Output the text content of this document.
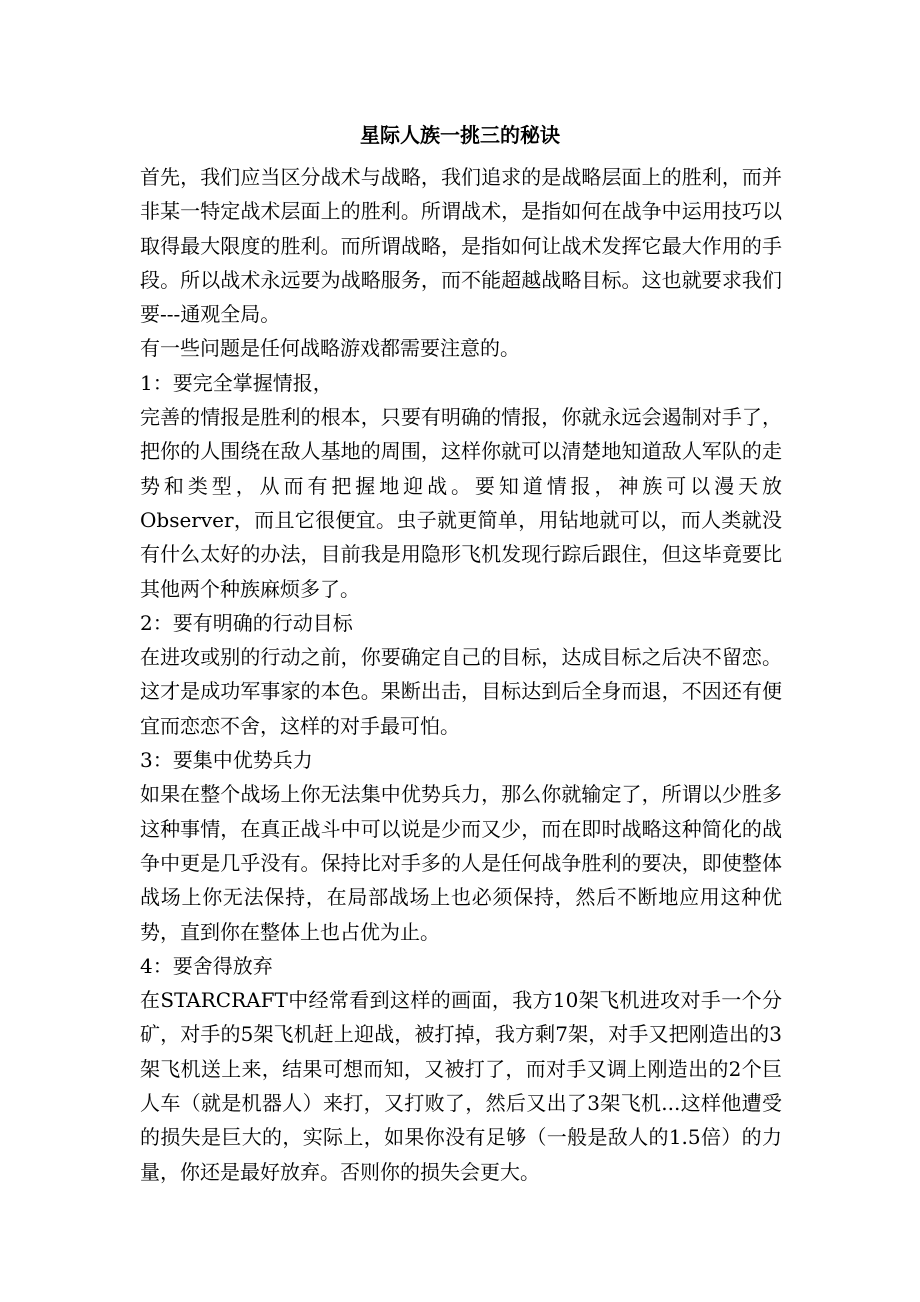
星际人族一挑三的秘诀

首先，我们应当区分战术与战略，我们追求的是战略层面上的胜利，而并非某一特定战术层面上的胜利。所谓战术，是指如何在战争中运用技巧以取得最大限度的胜利。而所谓战略，是指如何让战术发挥它最大作用的手段。所以战术永远要为战略服务，而不能超越战略目标。这也就要求我们要---通观全局。

有一些问题是任何战略游戏都需要注意的。

1：要完全掌握情报，

完善的情报是胜利的根本，只要有明确的情报，你就永远会遏制对手了，把你的人围绕在敌人基地的周围，这样你就可以清楚地知道敌人军队的走势和类型，从而有把握地迎战。要知道情报，神族可以漫天放Observer，而且它很便宜。虫子就更简单，用钻地就可以，而人类就没有什么太好的办法，目前我是用隐形飞机发现行踪后跟住，但这毕竟要比其他两个种族麻烦多了。

2：要有明确的行动目标

在进攻或别的行动之前，你要确定自己的目标，达成目标之后决不留恋。这才是成功军事家的本色。果断出击，目标达到后全身而退，不因还有便宜而恋恋不舍，这样的对手最可怕。

3：要集中优势兵力

如果在整个战场上你无法集中优势兵力，那么你就输定了，所谓以少胜多这种事情，在真正战斗中可以说是少而又少，而在即时战略这种简化的战争中更是几乎没有。保持比对手多的人是任何战争胜利的要决，即使整体战场上你无法保持，在局部战场上也必须保持，然后不断地应用这种优势，直到你在整体上也占优为止。

4：要舍得放弃

在STARCRAFT中经常看到这样的画面，我方10架飞机进攻对手一个分矿，对手的5架飞机赶上迎战，被打掉，我方剩7架，对手又把刚造出的3架飞机送上来，结果可想而知，又被打了，而对手又调上刚造出的2个巨人车（就是机器人）来打，又打败了，然后又出了3架飞机...这样他遭受的损失是巨大的，实际上，如果你没有足够（一般是敌人的1.5倍）的力量，你还是最好放弃。否则你的损失会更大。
